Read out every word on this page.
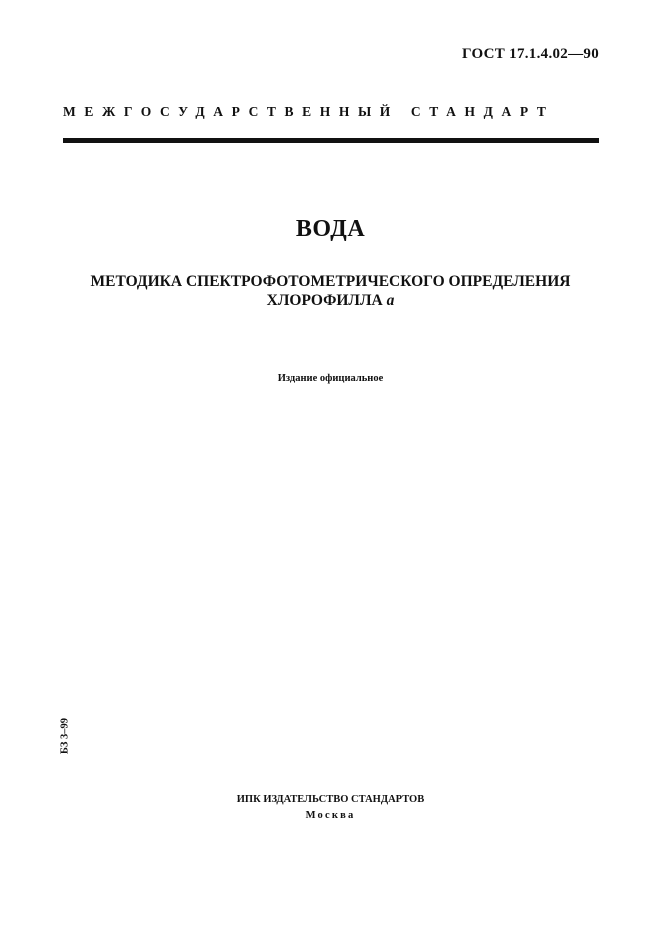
ГОСТ 17.1.4.02—90
МЕЖГОСУДАРСТВЕННЫЙ СТАНДАРТ
ВОДА
МЕТОДИКА СПЕКТРОФОТОМЕТРИЧЕСКОГО ОПРЕДЕЛЕНИЯ
ХЛОРОФИЛЛА a
Издание официальное
БЗ 3–99
ИПК ИЗДАТЕЛЬСТВО СТАНДАРТОВ
Москва
